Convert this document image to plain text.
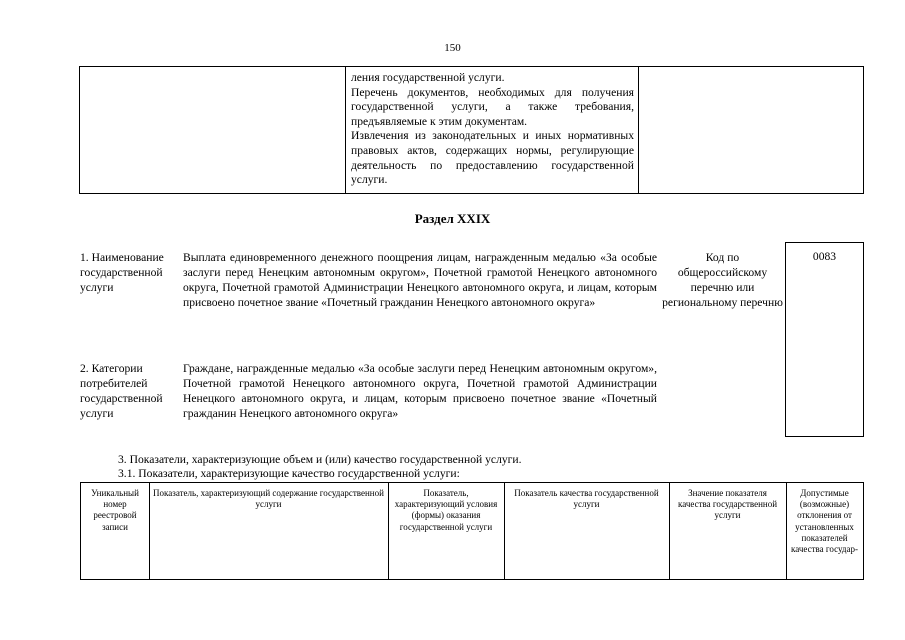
150

ления государственной услуги.

Перечень документов, необходимых для получения государственной услуги, а также требования, предъявляемые к этим документам.

Извлечения из законодательных и иных нормативных правовых актов, содержащих нормы, регулирующие деятельность по предоставлению государственной услуги.

Раздел XXIX
1. Наименование государственной услуги
Выплата единовременного денежного поощрения лицам, награжденным медалью «За особые заслуги перед Ненецким автономным округом», Почетной грамотой Ненецкого автономного округа, Почетной грамотой Администрации Ненецкого автономного округа, и лицам, которым присвоено почетное звание «Почетный гражданин Ненецкого автономного округа»
Код по общероссийскому перечню или региональному перечню
0083
2. Категории потребителей государственной услуги
Граждане, награжденные медалью «За особые заслуги перед Ненецким автономным округом», Почетной грамотой Ненецкого автономного округа, Почетной грамотой Администрации Ненецкого автономного округа, и лицам, которым присвоено почетное звание «Почетный гражданин Ненецкого автономного округа»
3. Показатели, характеризующие объем и (или) качество государственной услуги.
3.1. Показатели, характеризующие качество государственной услуги:
Уникальный номер реестровой записи
Показатель, характеризующий содержание государственной услуги
Показатель, характеризующий условия (формы) оказания государственной услуги
Показатель качества государственной услуги
Значение показателя качества государственной услуги
Допустимые (возможные) отклонения от установленных показателей качества государ-
